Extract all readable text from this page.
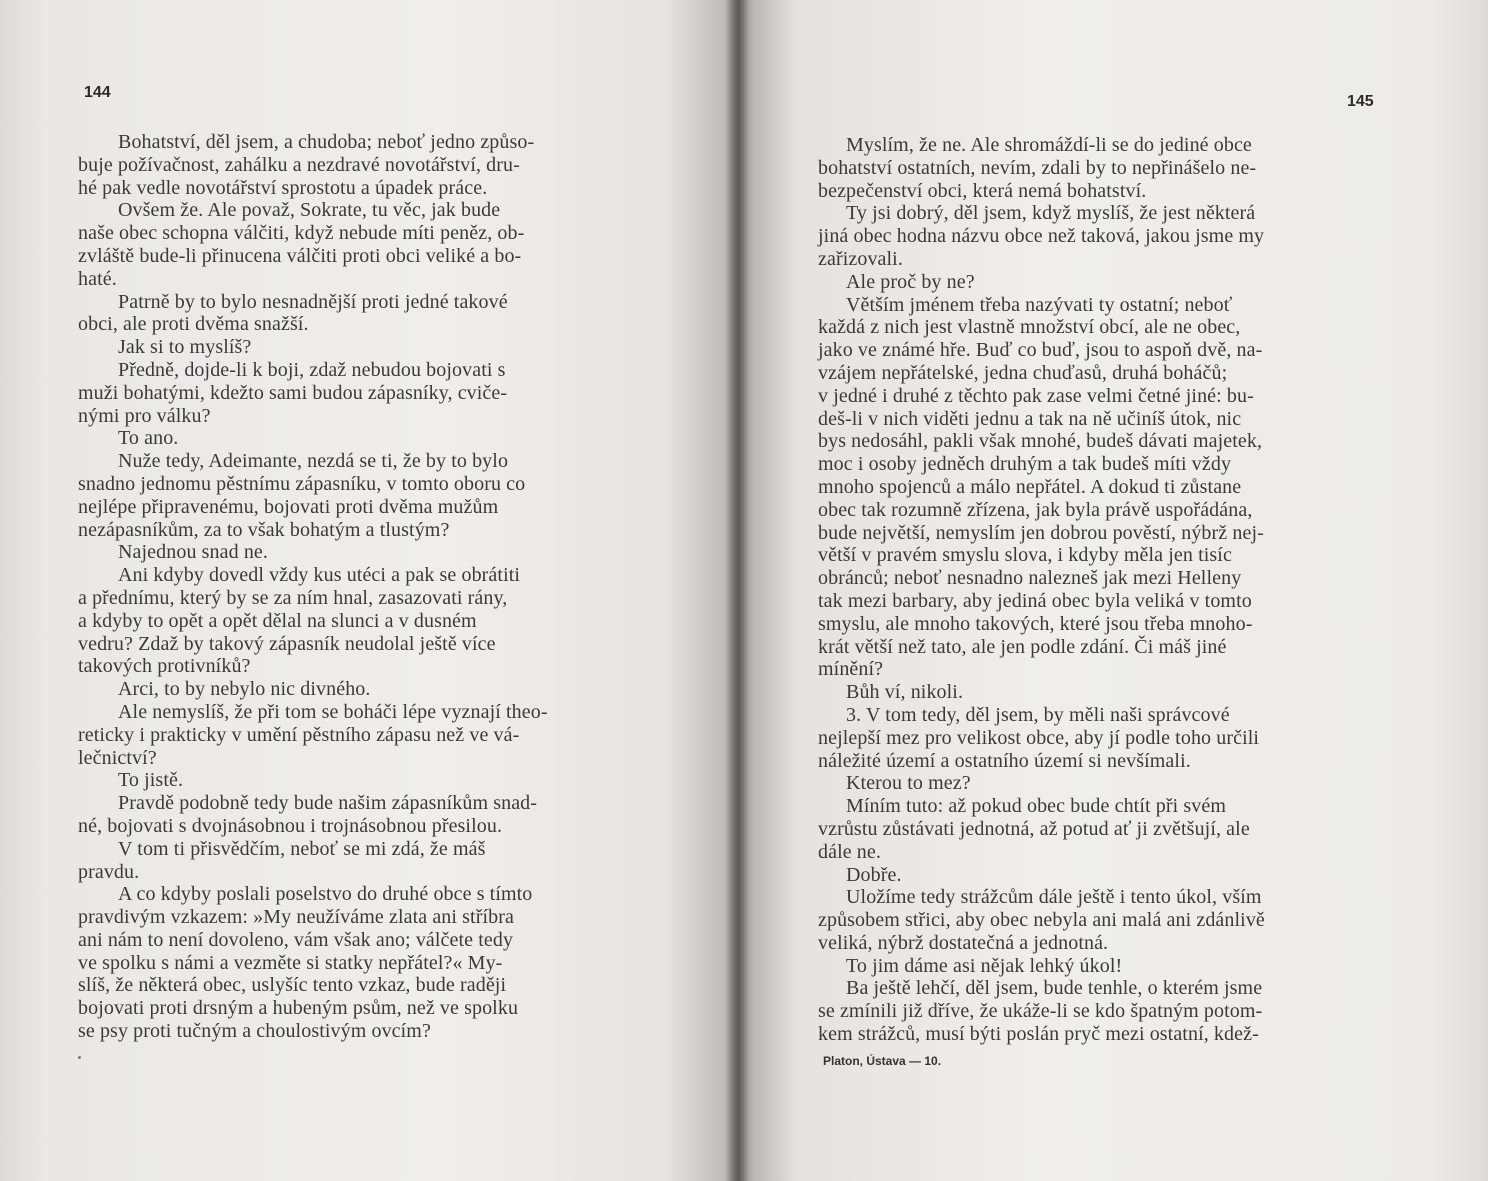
144
Bohatství, děl jsem, a chudoba; neboť jedno způso-
buje požívačnost, zahálku a nezdravé novotářství, dru-
hé pak vedle novotářství sprostotu a úpadek práce.
Ovšem že. Ale považ, Sokrate, tu věc, jak bude
naše obec schopna válčiti, když nebude míti peněz, ob-
zvláště bude-li přinucena válčiti proti obci veliké a bo-
haté.
Patrně by to bylo nesnadnější proti jedné takové
obci, ale proti dvěma snažší.
Jak si to myslíš?
Předně, dojde-li k boji, zdaž nebudou bojovati s
muži bohatými, kdežto sami budou zápasníky, cviče-
nými pro válku?
To ano.
Nuže tedy, Adeimante, nezdá se ti, že by to bylo
snadno jednomu pěstnímu zápasníku, v tomto oboru co
nejlépe připravenému, bojovati proti dvěma mužům
nezápasníkům, za to však bohatým a tlustým?
Najednou snad ne.
Ani kdyby dovedl vždy kus utéci a pak se obrátiti
a přednímu, který by se za ním hnal, zasazovati rány,
a kdyby to opět a opět dělal na slunci a v dusném
vedru? Zdaž by takový zápasník neudolal ještě více
takových protivníků?
Arci, to by nebylo nic divného.
Ale nemyslíš, že při tom se boháči lépe vyznají theo-
reticky i prakticky v umění pěstního zápasu než ve vá-
lečnictví?
To jistě.
Pravdě podobně tedy bude našim zápasníkům snad-
né, bojovati s dvojnásobnou i trojnásobnou přesilou.
V tom ti přisvědčím, neboť se mi zdá, že máš
pravdu.
A co kdyby poslali poselstvo do druhé obce s tímto
pravdivým vzkazem: »My neužíváme zlata ani stříbra
ani nám to není dovoleno, vám však ano; válčete tedy
ve spolku s námi a vezměte si statky nepřátel?« My-
slíš, že některá obec, uslyšíc tento vzkaz, bude raději
bojovati proti drsným a hubeným psům, než ve spolku
se psy proti tučným a choulostivým ovcím?
145
Myslím, že ne. Ale shromáždí-li se do jediné obce
bohatství ostatních, nevím, zdali by to nepřinášelo ne-
bezpečenství obci, která nemá bohatství.
Ty jsi dobrý, děl jsem, když myslíš, že jest některá
jiná obec hodna názvu obce než taková, jakou jsme my
zařizovali.
Ale proč by ne?
Větším jménem třeba nazývati ty ostatní; neboť
každá z nich jest vlastně množství obcí, ale ne obec,
jako ve známé hře. Buď co buď, jsou to aspoň dvě, na-
vzájem nepřátelské, jedna chuďasů, druhá boháčů;
v jedné i druhé z těchto pak zase velmi četné jiné: bu-
deš-li v nich viděti jednu a tak na ně učiníš útok, nic
bys nedosáhl, pakli však mnohé, budeš dávati majetek,
moc i osoby jedněch druhým a tak budeš míti vždy
mnoho spojenců a málo nepřátel. A dokud ti zůstane
obec tak rozumně zřízena, jak byla právě uspořádána,
bude největší, nemyslím jen dobrou pověstí, nýbrž nej-
větší v pravém smyslu slova, i kdyby měla jen tisíc
obránců; neboť nesnadno nalezneš jak mezi Helleny
tak mezi barbary, aby jediná obec byla veliká v tomto
smyslu, ale mnoho takových, které jsou třeba mnoho-
krát větší než tato, ale jen podle zdání. Či máš jiné
mínění?
Bůh ví, nikoli.
3. V tom tedy, děl jsem, by měli naši správcové
nejlepší mez pro velikost obce, aby jí podle toho určili
náležité území a ostatního území si nevšímali.
Kterou to mez?
Míním tuto: až pokud obec bude chtít při svém
vzrůstu zůstávati jednotná, až potud ať ji zvětšují, ale
dále ne.
Dobře.
Uložíme tedy strážcům dále ještě i tento úkol, vším
způsobem střici, aby obec nebyla ani malá ani zdánlivě
veliká, nýbrž dostatečná a jednotná.
To jim dáme asi nějak lehký úkol!
Ba ještě lehčí, děl jsem, bude tenhle, o kterém jsme
se zmínili již dříve, že ukáže-li se kdo špatným potom-
kem strážců, musí býti poslán pryč mezi ostatní, kdež-
Platon, Ústava — 10.
